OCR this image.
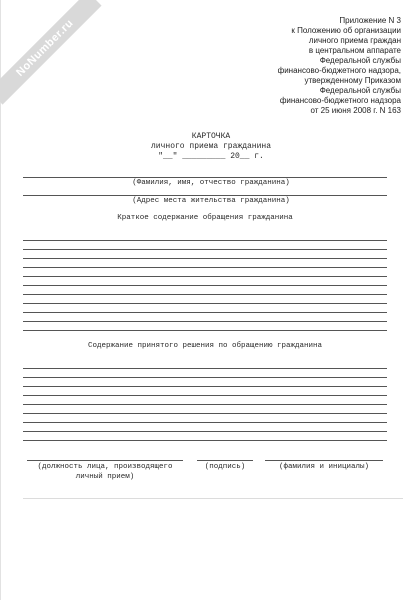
NoNumber.ru	Приложение N 3
к Положению об организации
личного приема граждан
в центральном аппарате
Федеральной службы
финансово-бюджетного надзора,
утвержденному Приказом
Федеральной службы
финансово-бюджетного надзора
от 25 июня 2008 г. N 163
КАРТОЧКА
личного приема гражданина
"__" _________ 20__ г.
(Фамилия, имя, отчество гражданина)
(Адрес места жительства гражданина)
Краткое содержание обращения гражданина
Содержание принятого решения по обращению гражданина
(должность лица, производящего
личный прием)
(подпись)	(фамилия и инициалы)
